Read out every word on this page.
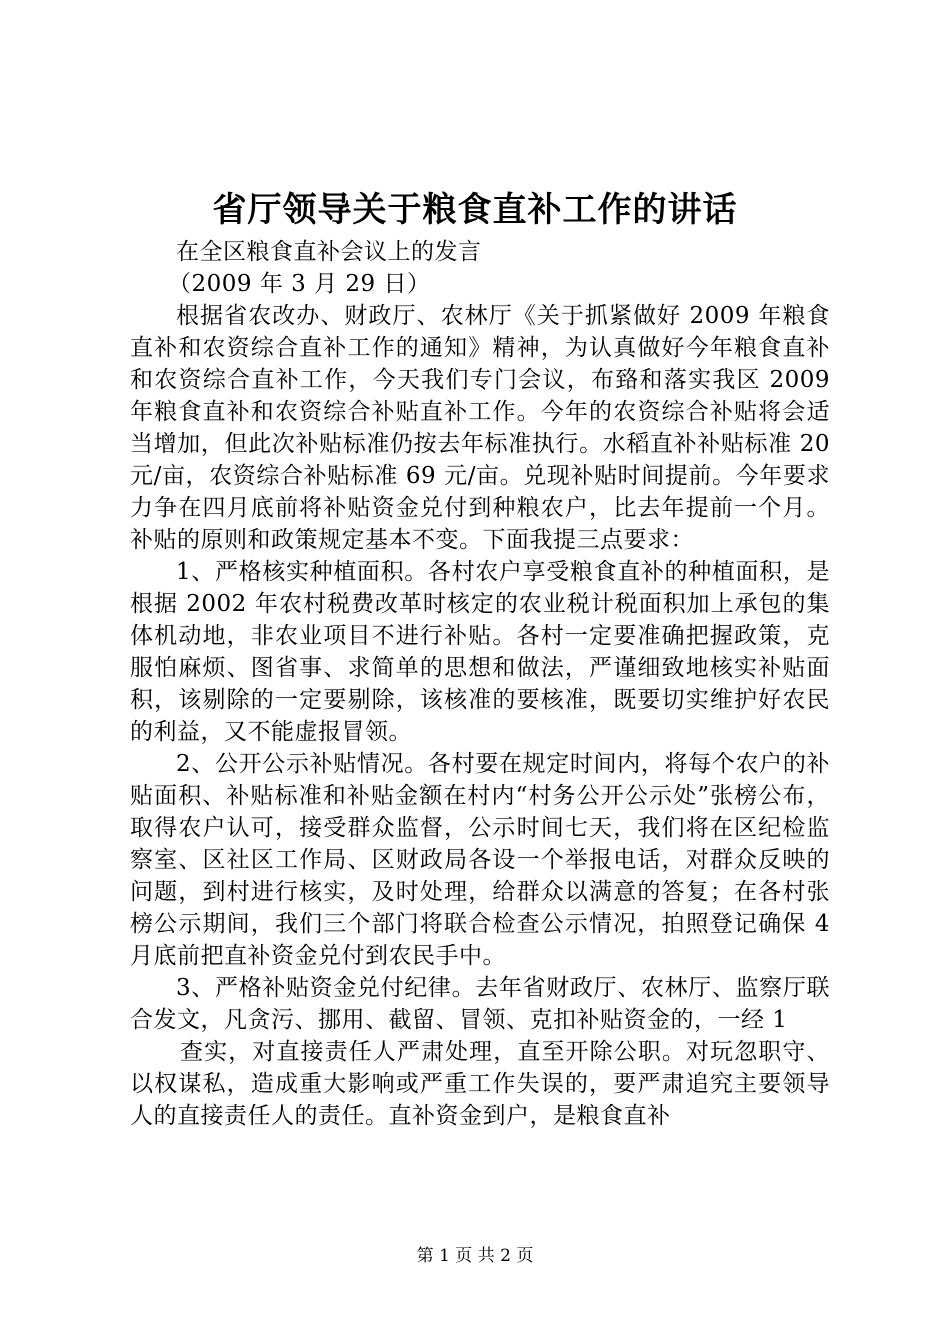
省厅领导关于粮食直补工作的讲话

在全区粮食直补会议上的发言

（2009 年 3 月 29 日）

根据省农改办、财政厅、农林厅《关于抓紧做好 2009 年粮食直补和农资综合直补工作的通知》精神，为认真做好今年粮食直补和农资综合直补工作，今天我们专门会议，布臵和落实我区 2009 年粮食直补和农资综合补贴直补工作。今年的农资综合补贴将会适当增加，但此次补贴标准仍按去年标准执行。水稻直补补贴标准 20 元/亩，农资综合补贴标准 69 元/亩。兑现补贴时间提前。今年要求力争在四月底前将补贴资金兑付到种粮农户，比去年提前一个月。补贴的原则和政策规定基本不变。下面我提三点要求：

1、严格核实种植面积。各村农户享受粮食直补的种植面积，是根据 2002 年农村税费改革时核定的农业税计税面积加上承包的集体机动地，非农业项目不进行补贴。各村一定要准确把握政策，克服怕麻烦、图省事、求简单的思想和做法，严谨细致地核实补贴面积，该剔除的一定要剔除，该核准的要核准，既要切实维护好农民的利益，又不能虚报冒领。

2、公开公示补贴情况。各村要在规定时间内，将每个农户的补贴面积、补贴标准和补贴金额在村内“村务公开公示处”张榜公布，取得农户认可，接受群众监督，公示时间七天，我们将在区纪检监察室、区社区工作局、区财政局各设一个举报电话，对群众反映的问题，到村进行核实，及时处理，给群众以满意的答复；在各村张榜公示期间，我们三个部门将联合检查公示情况，拍照登记确保 4 月底前把直补资金兑付到农民手中。

3、严格补贴资金兑付纪律。去年省财政厅、农林厅、监察厅联合发文，凡贪污、挪用、截留、冒领、克扣补贴资金的，一经 1

查实，对直接责任人严肃处理，直至开除公职。对玩忽职守、以权谋私，造成重大影响或严重工作失误的，要严肃追究主要领导人的直接责任人的责任。直补资金到户，是粮食直补

第 1 页 共 2 页
